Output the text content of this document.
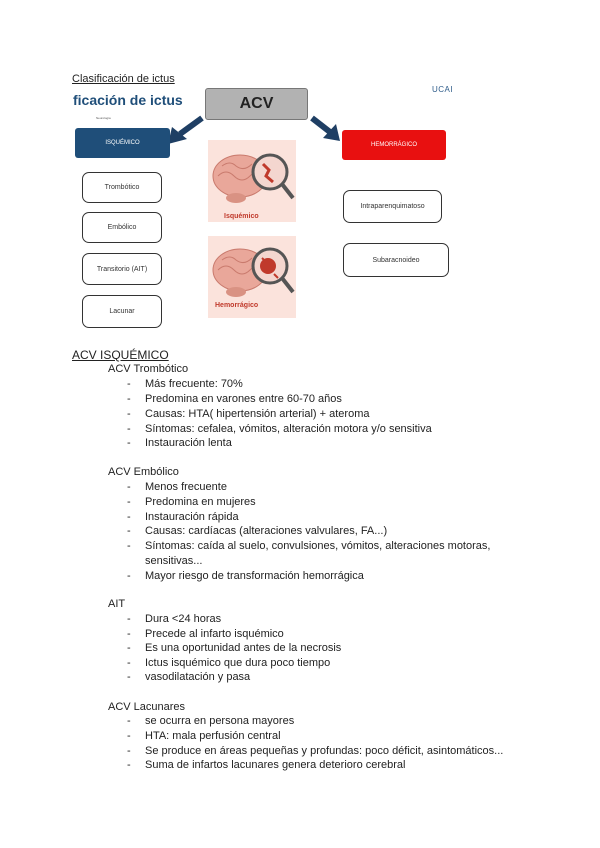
Clasificación de ictus
ficación de ictus
Neurología
UCAI
ACV
ISQUÉMICO	HEMORRÁGICO
Trombótico
Embólico
Transitorio (AIT)
Lacunar
Intraparenquimatoso
Subaracnoideo
Isquémico
Hemorrágico
ACV ISQUÉMICO
ACV Trombótico
- Más frecuente: 70%
- Predomina en varones entre 60-70 años
- Causas: HTA( hipertensión arterial) + ateroma
- Síntomas: cefalea, vómitos, alteración motora y/o sensitiva
- Instauración lenta
ACV Embólico
- Menos frecuente
- Predomina en mujeres
- Instauración rápida
- Causas: cardíacas (alteraciones valvulares, FA...)
- Síntomas: caída al suelo, convulsiones, vómitos, alteraciones motoras,
sensitivas...
- Mayor riesgo de transformación hemorrágica
AIT
- Dura <24 horas
- Precede al infarto isquémico
- Es una oportunidad antes de la necrosis
- Ictus isquémico que dura poco tiempo
- vasodilatación y pasa
ACV Lacunares
- se ocurra en persona mayores
- HTA: mala perfusión central
- Se produce en áreas pequeñas y profundas: poco déficit, asintomáticos...
- Suma de infartos lacunares genera deterioro cerebral
